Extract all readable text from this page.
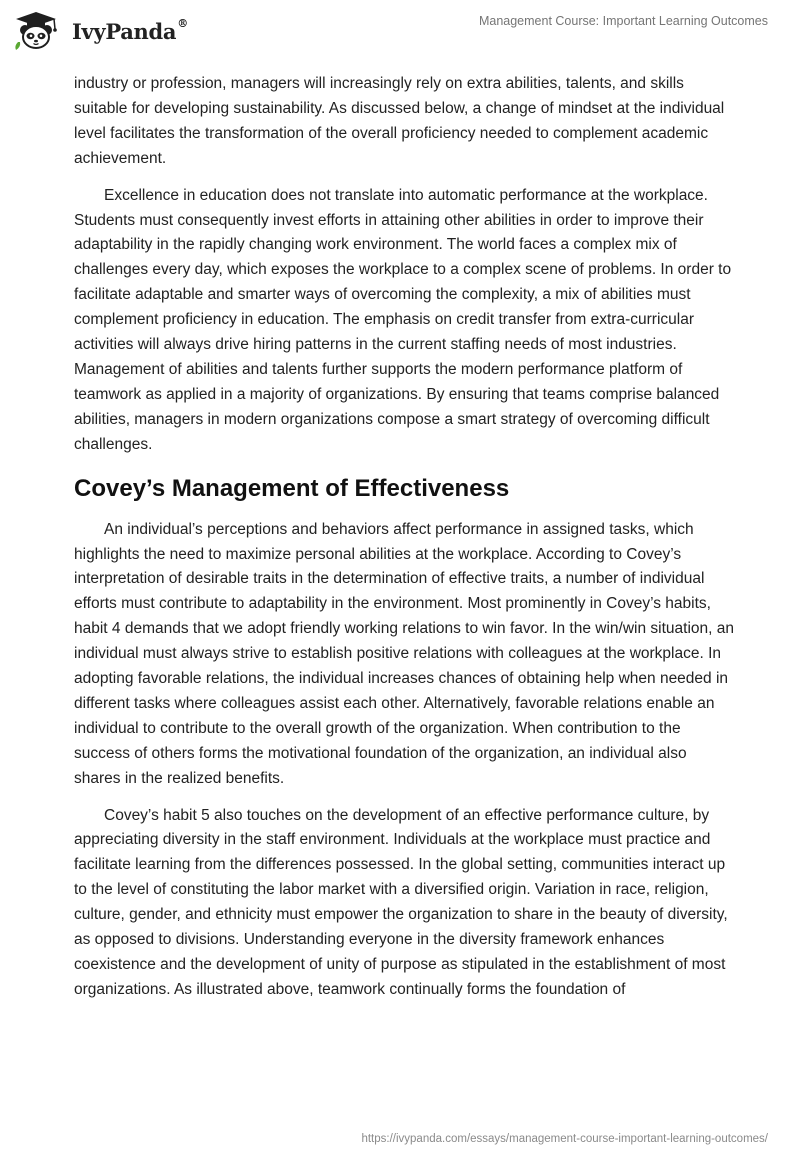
IvyPanda®	Management Course: Important Learning Outcomes

industry or profession, managers will increasingly rely on extra abilities, talents, and skills suitable for developing sustainability. As discussed below, a change of mindset at the individual level facilitates the transformation of the overall proficiency needed to complement academic achievement.

Excellence in education does not translate into automatic performance at the workplace. Students must consequently invest efforts in attaining other abilities in order to improve their adaptability in the rapidly changing work environment. The world faces a complex mix of challenges every day, which exposes the workplace to a complex scene of problems. In order to facilitate adaptable and smarter ways of overcoming the complexity, a mix of abilities must complement proficiency in education. The emphasis on credit transfer from extra-curricular activities will always drive hiring patterns in the current staffing needs of most industries. Management of abilities and talents further supports the modern performance platform of teamwork as applied in a majority of organizations. By ensuring that teams comprise balanced abilities, managers in modern organizations compose a smart strategy of overcoming difficult challenges.

Covey’s Management of Effectiveness

An individual’s perceptions and behaviors affect performance in assigned tasks, which highlights the need to maximize personal abilities at the workplace. According to Covey’s interpretation of desirable traits in the determination of effective traits, a number of individual efforts must contribute to adaptability in the environment. Most prominently in Covey’s habits, habit 4 demands that we adopt friendly working relations to win favor. In the win/win situation, an individual must always strive to establish positive relations with colleagues at the workplace. In adopting favorable relations, the individual increases chances of obtaining help when needed in different tasks where colleagues assist each other. Alternatively, favorable relations enable an individual to contribute to the overall growth of the organization. When contribution to the success of others forms the motivational foundation of the organization, an individual also shares in the realized benefits.

Covey’s habit 5 also touches on the development of an effective performance culture, by appreciating diversity in the staff environment. Individuals at the workplace must practice and facilitate learning from the differences possessed. In the global setting, communities interact up to the level of constituting the labor market with a diversified origin. Variation in race, religion, culture, gender, and ethnicity must empower the organization to share in the beauty of diversity, as opposed to divisions. Understanding everyone in the diversity framework enhances coexistence and the development of unity of purpose as stipulated in the establishment of most organizations. As illustrated above, teamwork continually forms the foundation of

https://ivypanda.com/essays/management-course-important-learning-outcomes/
